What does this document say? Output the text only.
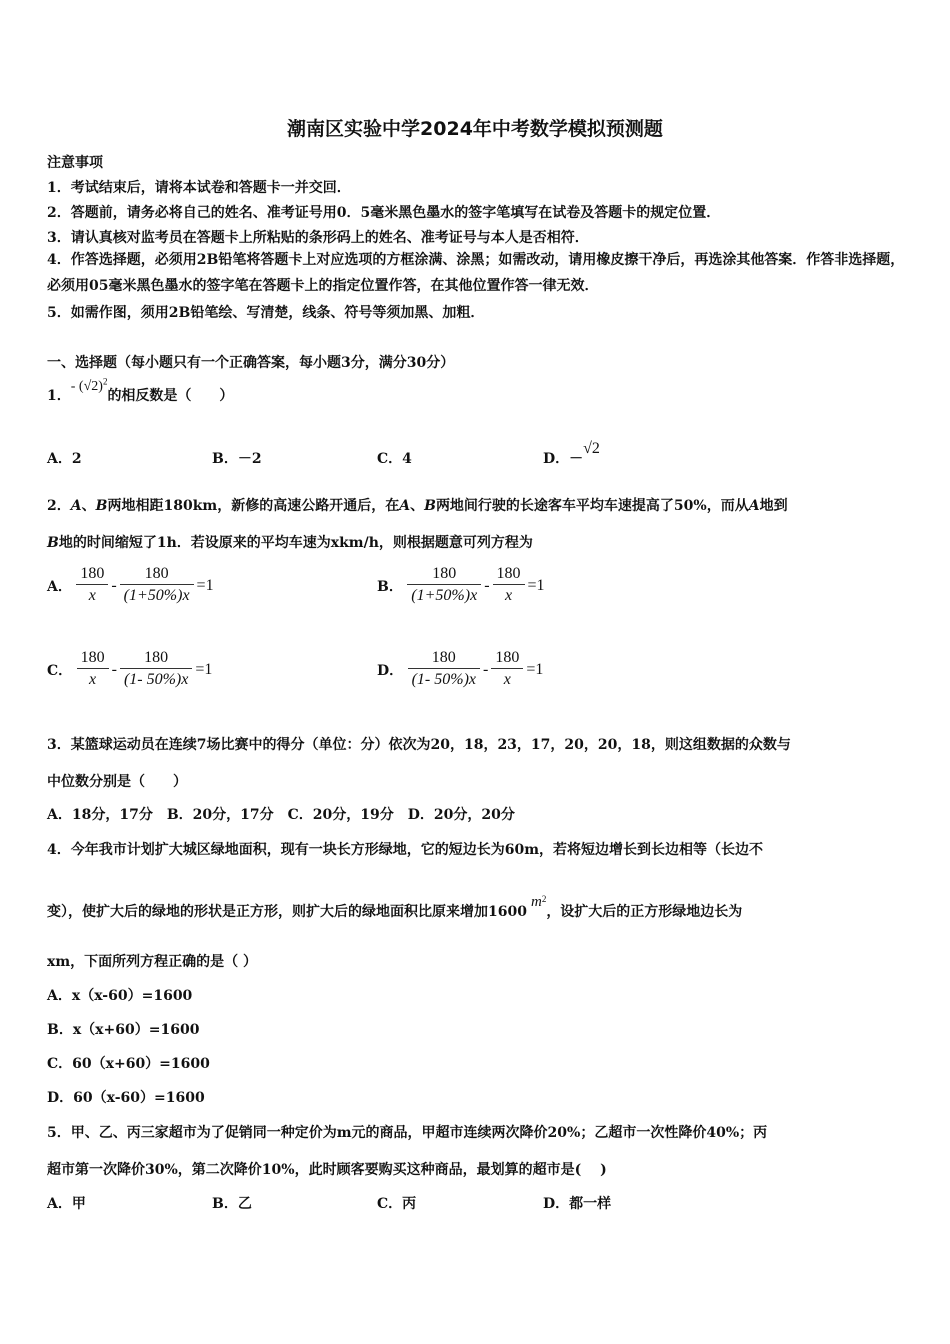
潮南区实验中学2024年中考数学模拟预测题
注意事项
1．考试结束后，请将本试卷和答题卡一并交回．
2．答题前，请务必将自己的姓名、准考证号用0．5毫米黑色墨水的签字笔填写在试卷及答题卡的规定位置．
3．请认真核对监考员在答题卡上所粘贴的条形码上的姓名、准考证号与本人是否相符．
4．作答选择题，必须用2B铅笔将答题卡上对应选项的方框涂满、涂黑；如需改动，请用橡皮擦干净后，再选涂其他答案．作答非选择题，必须用05毫米黑色墨水的签字笔在答题卡上的指定位置作答，在其他位置作答一律无效．
5．如需作图，须用2B铅笔绘、写清楚，线条、符号等须加黑、加粗．
一、选择题（每小题只有一个正确答案，每小题3分，满分30分）
1．- $(√2)^2$的相反数是（　　）
A．2	B．－2	C．4	D．－√2
2．A、B两地相距180km，新修的高速公路开通后，在A、B两地间行驶的长途客车平均车速提高了50%，而从A地到
B地的时间缩短了1h．若设原来的平均车速为xkm/h，则根据题意可列方程为
A． $\frac{180}{x} - \frac{180}{(1+50\%)x} =1$	B． $\frac{180}{(1+50\%)x} - \frac{180}{x} =1$
C． $\frac{180}{x} - \frac{180}{(1- 50\%)x} =1$	D． $\frac{180}{(1- 50\%)x} - \frac{180}{x} =1$
3．某篮球运动员在连续7场比赛中的得分（单位：分）依次为20，18，23，17，20，20，18，则这组数据的众数与
中位数分别是（　　）
A．18分，17分　B．20分，17分　C．20分，19分　D．20分，20分
4．今年我市计划扩大城区绿地面积，现有一块长方形绿地，它的短边长为60m，若将短边增长到长边相等（长边不
变），使扩大后的绿地的形状是正方形，则扩大后的绿地面积比原来增加$1600m^2$，设扩大后的正方形绿地边长为
xm，下面所列方程正确的是（ ）
A．x（x-60）=1600
B．x（x+60）=1600
C．60（x+60）=1600
D．60（x-60）=1600
5．甲、乙、丙三家超市为了促销同一种定价为m元的商品，甲超市连续两次降价20%；乙超市一次性降价40%；丙
超市第一次降价30%，第二次降价10%，此时顾客要购买这种商品，最划算的超市是(　 )
A．甲	B．乙	C．丙	D．都一样
